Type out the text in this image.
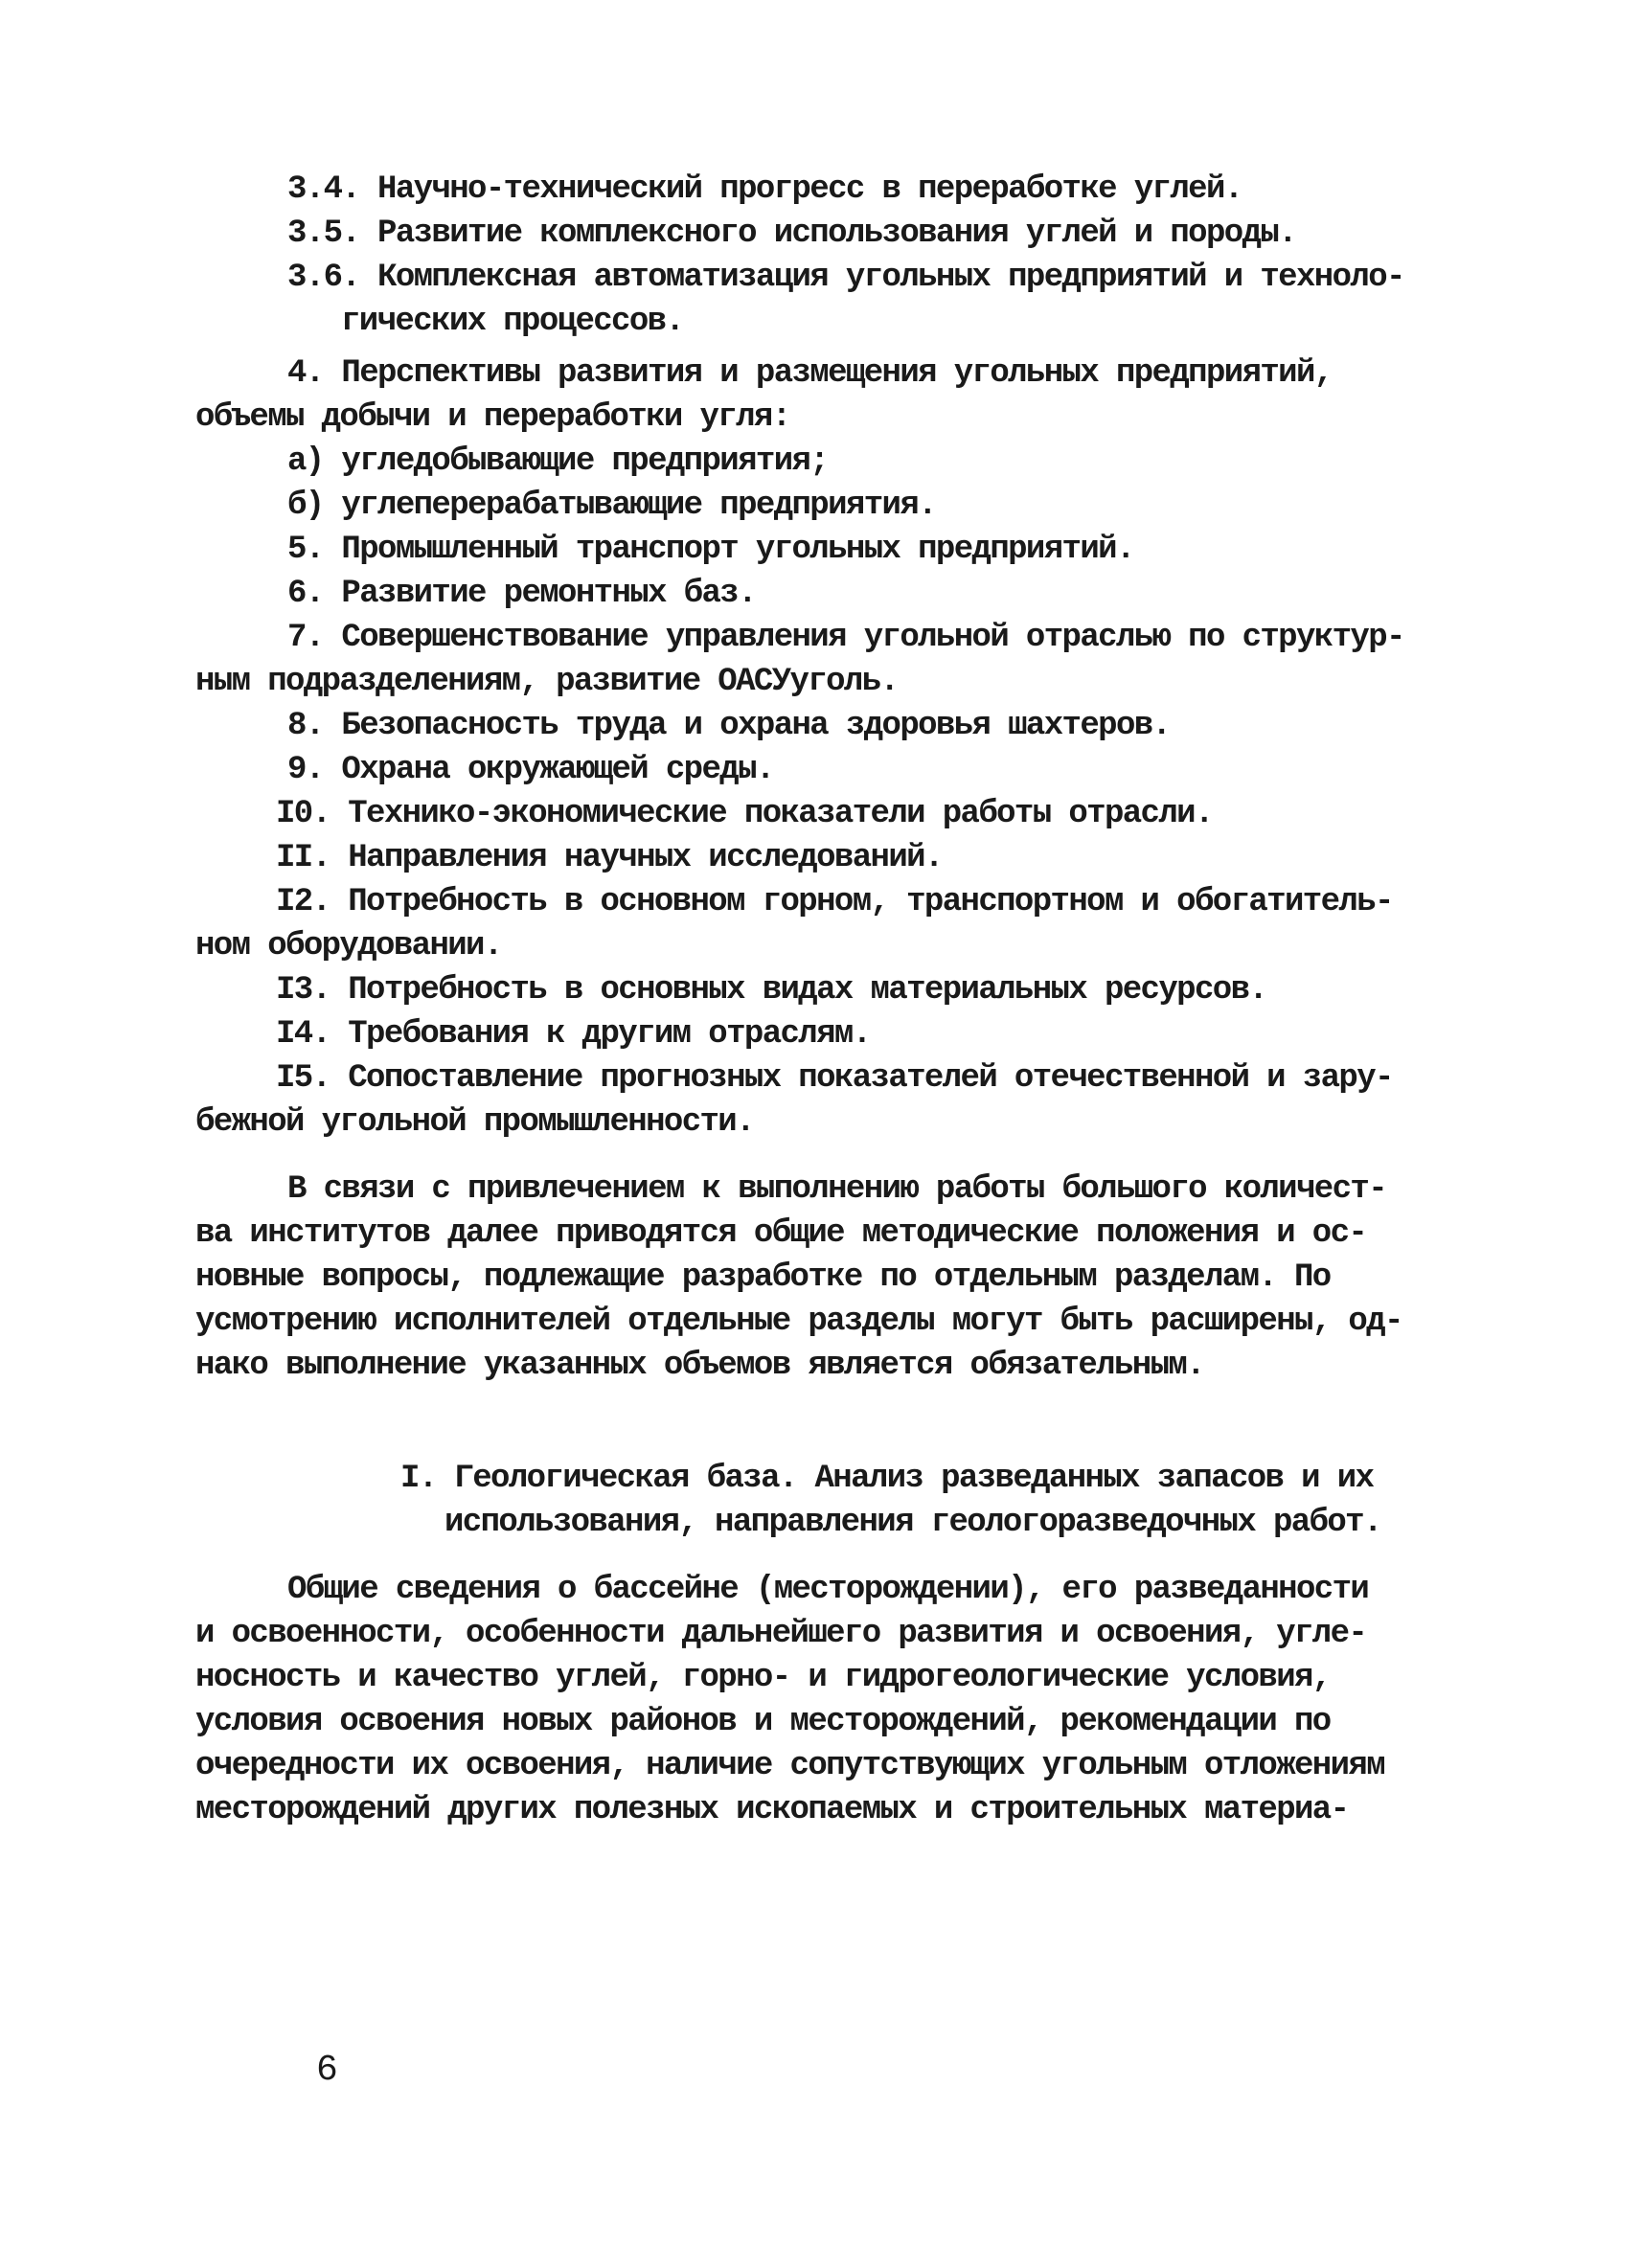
3.4. Научно-технический прогресс в переработке углей.
3.5. Развитие комплексного использования углей и породы.
3.6. Комплексная автоматизация угольных предприятий и техноло-
гических процессов.
4. Перспективы развития и размещения угольных предприятий,
объемы добычи и переработки угля:
а) угледобывающие предприятия;
б) углеперерабатывающие предприятия.
5. Промышленный транспорт угольных предприятий.
6. Развитие ремонтных баз.
7. Совершенствование управления угольной отраслью по структур-
ным подразделениям, развитие ОАСУуголь.
8. Безопасность труда и охрана здоровья шахтеров.
9. Охрана окружающей среды.
I0. Технико-экономические показатели работы отрасли.
II. Направления научных исследований.
I2. Потребность в основном горном, транспортном и обогатитель-
ном оборудовании.
I3. Потребность в основных видах материальных ресурсов.
I4. Требования к другим отраслям.
I5. Сопоставление прогнозных показателей отечественной и зару-
бежной угольной промышленности.
В связи с привлечением к выполнению работы большого количест-
ва институтов далее приводятся общие методические положения и ос-
новные вопросы, подлежащие разработке по отдельным разделам. По
усмотрению исполнителей отдельные разделы могут быть расширены, од-
нако выполнение указанных объемов является обязательным.
I. Геологическая база. Анализ разведанных запасов и их
использования, направления геологоразведочных работ.
Общие сведения о бассейне (месторождении), его разведанности
и освоенности, особенности дальнейшего развития и освоения, угле-
носность и качество углей, горно- и гидрогеологические условия,
условия освоения новых районов и месторождений, рекомендации по
очередности их освоения, наличие сопутствующих угольным отложениям
месторождений других полезных ископаемых и строительных материа-
6
